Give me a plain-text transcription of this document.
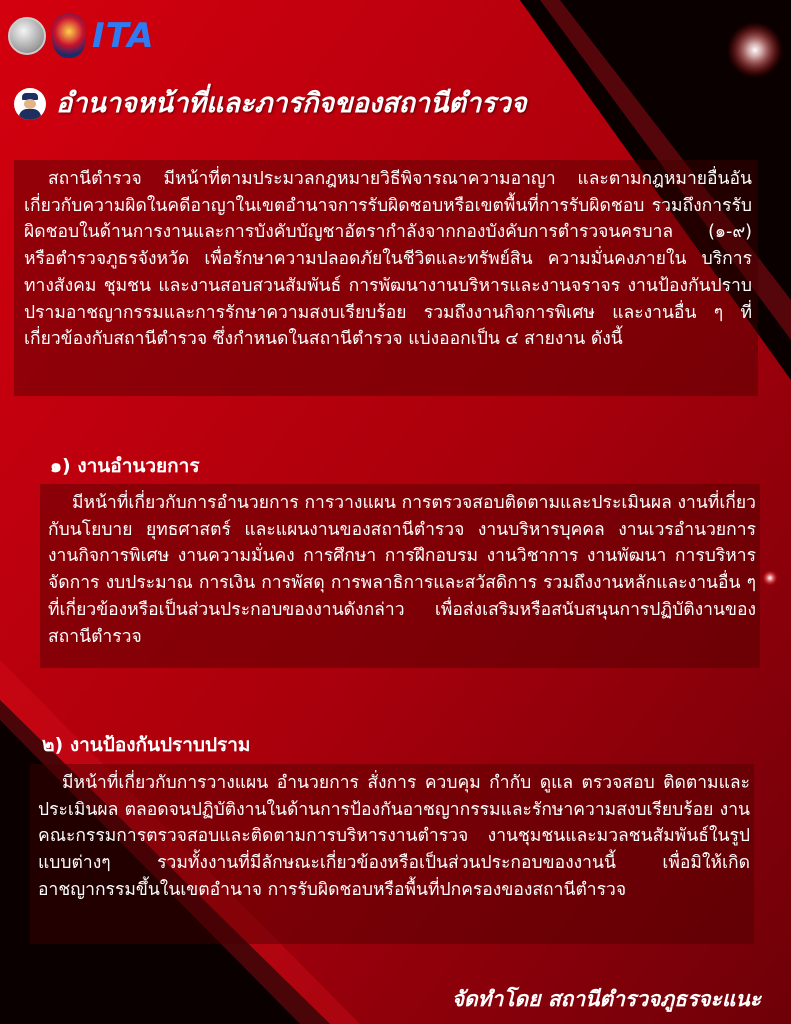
ITA
อำนาจหน้าที่และภารกิจของสถานีตำรวจ

สถานีตำรวจ มีหน้าที่ตามประมวลกฎหมายวิธีพิจารณาความอาญา และตามกฎหมายอื่นอันเกี่ยวกับความผิดในคดีอาญาในเขตอำนาจการรับผิดชอบหรือเขตพื้นที่การรับผิดชอบ รวมถึงการรับผิดชอบในด้านการงานและการบังคับบัญชาอัตรากำลังจากกองบังคับการตำรวจนครบาล (๑-๙) หรือตำรวจภูธรจังหวัด เพื่อรักษาความปลอดภัยในชีวิตและทรัพย์สิน ความมั่นคงภายใน บริการทางสังคม ชุมชน และงานสอบสวนสัมพันธ์ การพัฒนางานบริหารและงานจราจร งานป้องกันปราบปรามอาชญากรรมและการรักษาความสงบเรียบร้อย รวมถึงงานกิจการพิเศษ และงานอื่น ๆ ที่เกี่ยวข้องกับสถานีตำรวจ ซึ่งกำหนดในสถานีตำรวจ แบ่งออกเป็น ๔ สายงาน ดังนี้

๑) งานอำนวยการ

มีหน้าที่เกี่ยวกับการอำนวยการ การวางแผน การตรวจสอบติดตามและประเมินผล งานที่เกี่ยวกับนโยบาย ยุทธศาสตร์ และแผนงานของสถานีตำรวจ งานบริหารบุคคล งานเวรอำนวยการ งานกิจการพิเศษ งานความมั่นคง การศึกษา การฝึกอบรม งานวิชาการ งานพัฒนา การบริหารจัดการ งบประมาณ การเงิน การพัสดุ การพลาธิการและสวัสดิการ รวมถึงงานหลักและงานอื่น ๆ ที่เกี่ยวข้องหรือเป็นส่วนประกอบของงานดังกล่าว เพื่อส่งเสริมหรือสนับสนุนการปฏิบัติงานของสถานีตำรวจ

๒) งานป้องกันปราบปราม

มีหน้าที่เกี่ยวกับการวางแผน อำนวยการ สั่งการ ควบคุม กำกับ ดูแล ตรวจสอบ ติดตามและประเมินผล ตลอดจนปฏิบัติงานในด้านการป้องกันอาชญากรรมและรักษาความสงบเรียบร้อย งานคณะกรรมการตรวจสอบและติดตามการบริหารงานตำรวจ งานชุมชนและมวลชนสัมพันธ์ในรูปแบบต่างๆ รวมทั้งงานที่มีลักษณะเกี่ยวข้องหรือเป็นส่วนประกอบของงานนี้ เพื่อมิให้เกิดอาชญากรรมขึ้นในเขตอำนาจ การรับผิดชอบหรือพื้นที่ปกครองของสถานีตำรวจ

จัดทำโดย สถานีตำรวจภูธรจะแนะ
